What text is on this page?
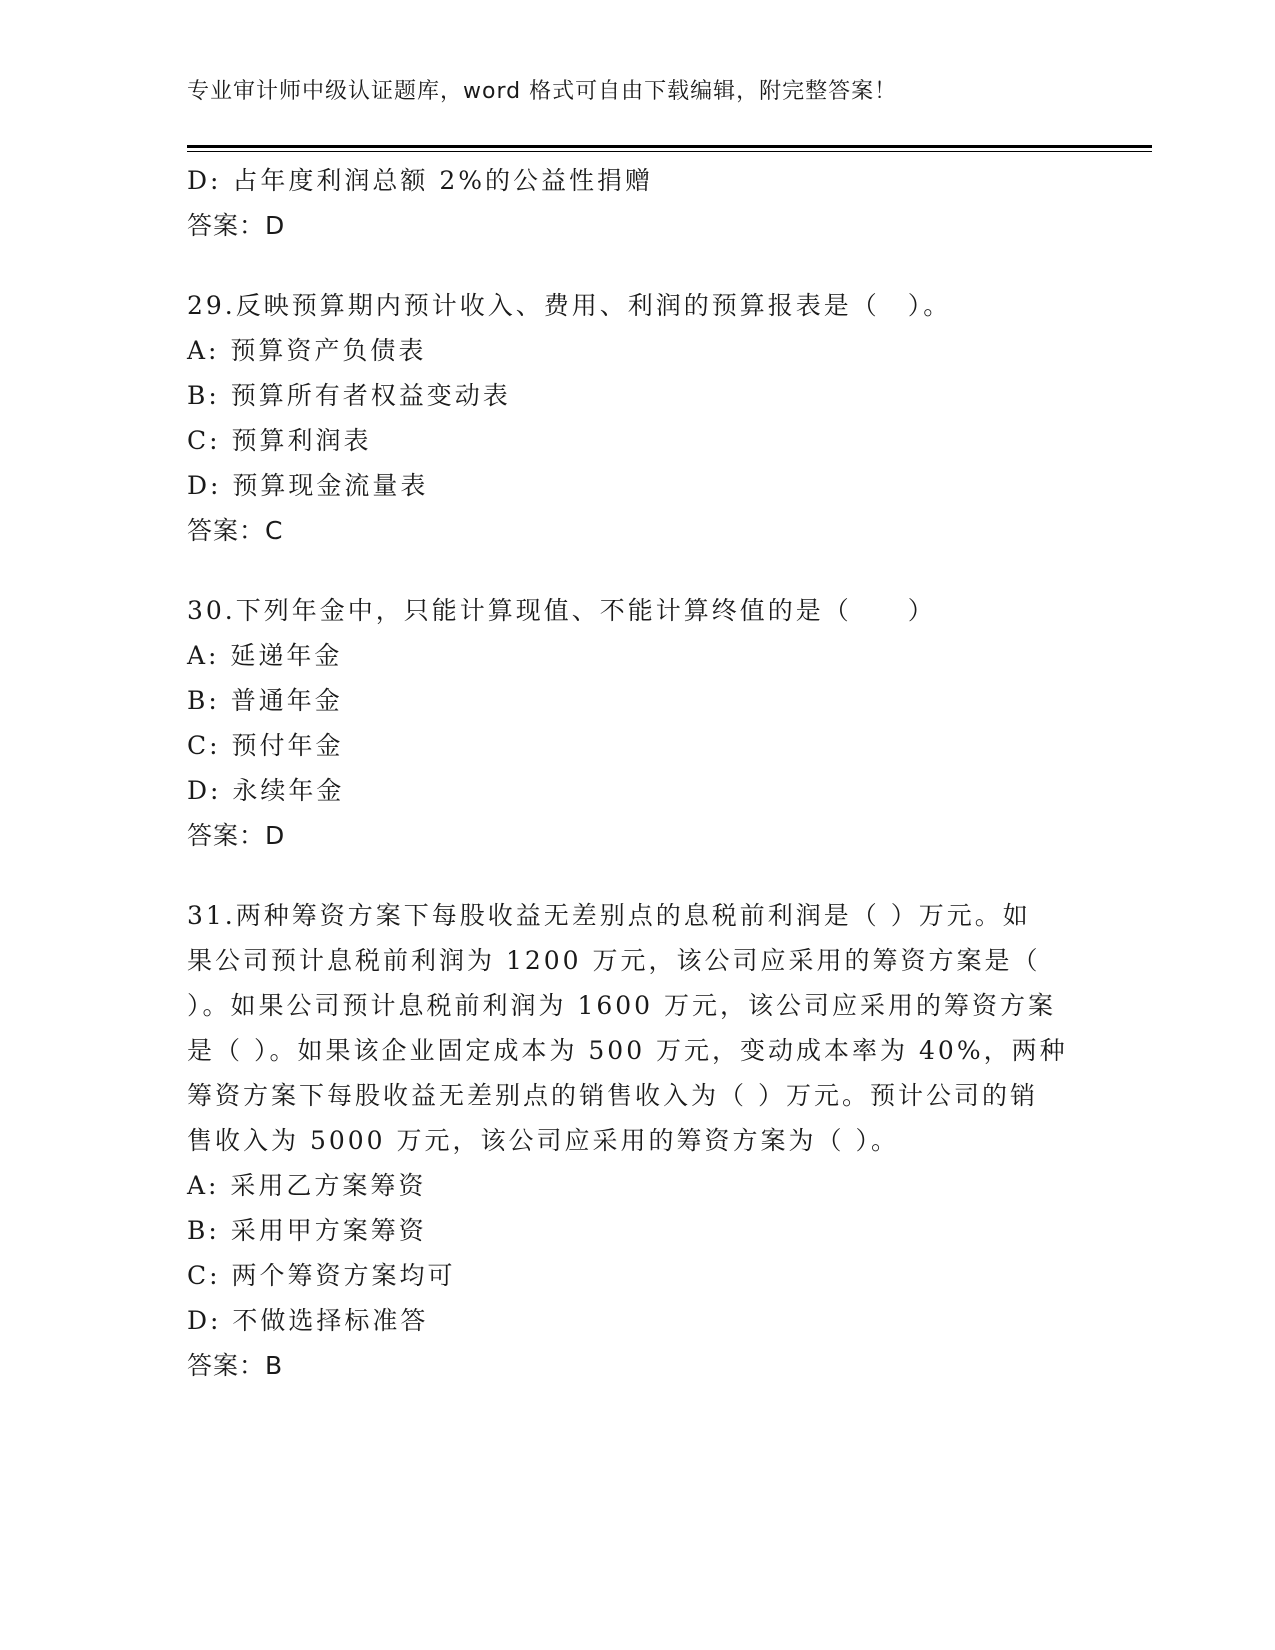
专业审计师中级认证题库，word 格式可自由下载编辑，附完整答案！
D: 占年度利润总额 2%的公益性捐赠
答案：D
29.反映预算期内预计收入、费用、利润的预算报表是（　）。
A: 预算资产负债表
B: 预算所有者权益变动表
C: 预算利润表
D: 预算现金流量表
答案：C
30.下列年金中，只能计算现值、不能计算终值的是（　　）
A: 延递年金
B: 普通年金
C: 预付年金
D: 永续年金
答案：D
31.两种筹资方案下每股收益无差别点的息税前利润是（ ）万元。如
果公司预计息税前利润为 1200 万元，该公司应采用的筹资方案是（
）。如果公司预计息税前利润为 1600 万元，该公司应采用的筹资方案
是（ ）。如果该企业固定成本为 500 万元，变动成本率为 40%，两种
筹资方案下每股收益无差别点的销售收入为（ ）万元。预计公司的销
售收入为 5000 万元，该公司应采用的筹资方案为（ ）。
A: 采用乙方案筹资
B: 采用甲方案筹资
C: 两个筹资方案均可
D: 不做选择标准答
答案：B
